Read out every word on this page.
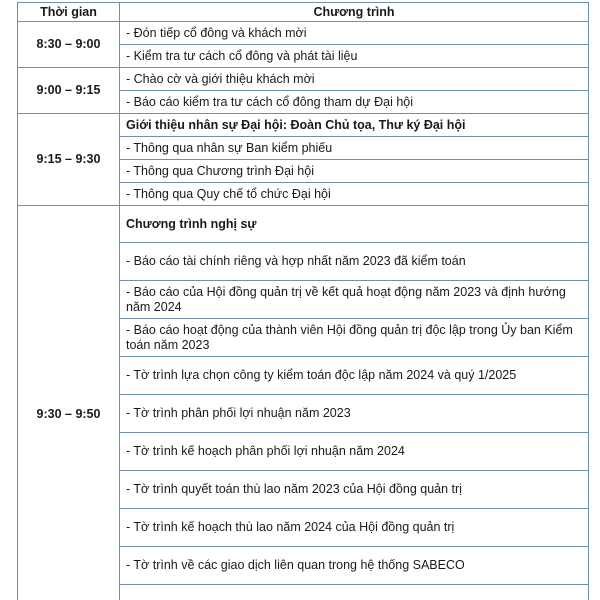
Thời gian	Chương trình
8:30 – 9:00	- Đón tiếp cổ đông và khách mời
	- Kiểm tra tư cách cổ đông và phát tài liệu
9:00 – 9:15	- Chào cờ và giới thiệu khách mời
	- Báo cáo kiểm tra tư cách cổ đông tham dự Đại hội
9:15 – 9:30	Giới thiệu nhân sự Đại hội: Đoàn Chủ tọa, Thư ký Đại hội
	- Thông qua nhân sự Ban kiểm phiếu
	- Thông qua Chương trình Đại hội
	- Thông qua Quy chế tổ chức Đại hội
9:30 – 9:50	Chương trình nghị sự
	- Báo cáo tài chính riêng và hợp nhất năm 2023 đã kiểm toán
	- Báo cáo của Hội đồng quản trị về kết quả hoạt động năm 2023 và định hướng năm 2024
	- Báo cáo hoạt động của thành viên Hội đồng quản trị độc lập trong Ủy ban Kiểm toán năm 2023
	- Tờ trình lựa chọn công ty kiểm toán độc lập năm 2024 và quý 1/2025
	- Tờ trình phân phối lợi nhuận năm 2023
	- Tờ trình kế hoạch phân phối lợi nhuận năm 2024
	- Tờ trình quyết toán thù lao năm 2023 của Hội đồng quản trị
	- Tờ trình kế hoạch thù lao năm 2024 của Hội đồng quản trị
	- Tờ trình về các giao dịch liên quan trong hệ thống SABECO
